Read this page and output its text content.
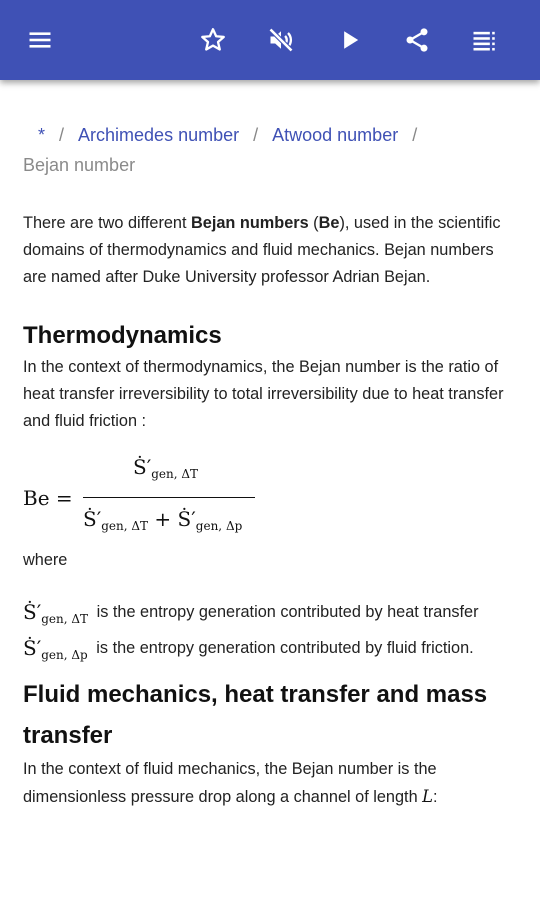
* / Archimedes number / Atwood number /
Bejan number

There are two different Bejan numbers (Be), used in the scientific domains of thermodynamics and fluid mechanics. Bejan numbers are named after Duke University professor Adrian Bejan.

Thermodynamics

In the context of thermodynamics, the Bejan number is the ratio of heat transfer irreversibility to total irreversibility due to heat transfer and fluid friction :

Be =
$Ṡ'_{gen, \Delta T}$
$Ṡ'_{gen, \Delta T}$ + $Ṡ'_{gen, \Delta p}$

where

$Ṡ'_{gen, \Delta T}$ is the entropy generation contributed by heat transfer
$Ṡ'_{gen, \Delta p}$ is the entropy generation contributed by fluid friction.
Fluid mechanics, heat transfer and mass transfer

In the context of fluid mechanics, the Bejan number is the dimensionless pressure drop along a channel of length L:
